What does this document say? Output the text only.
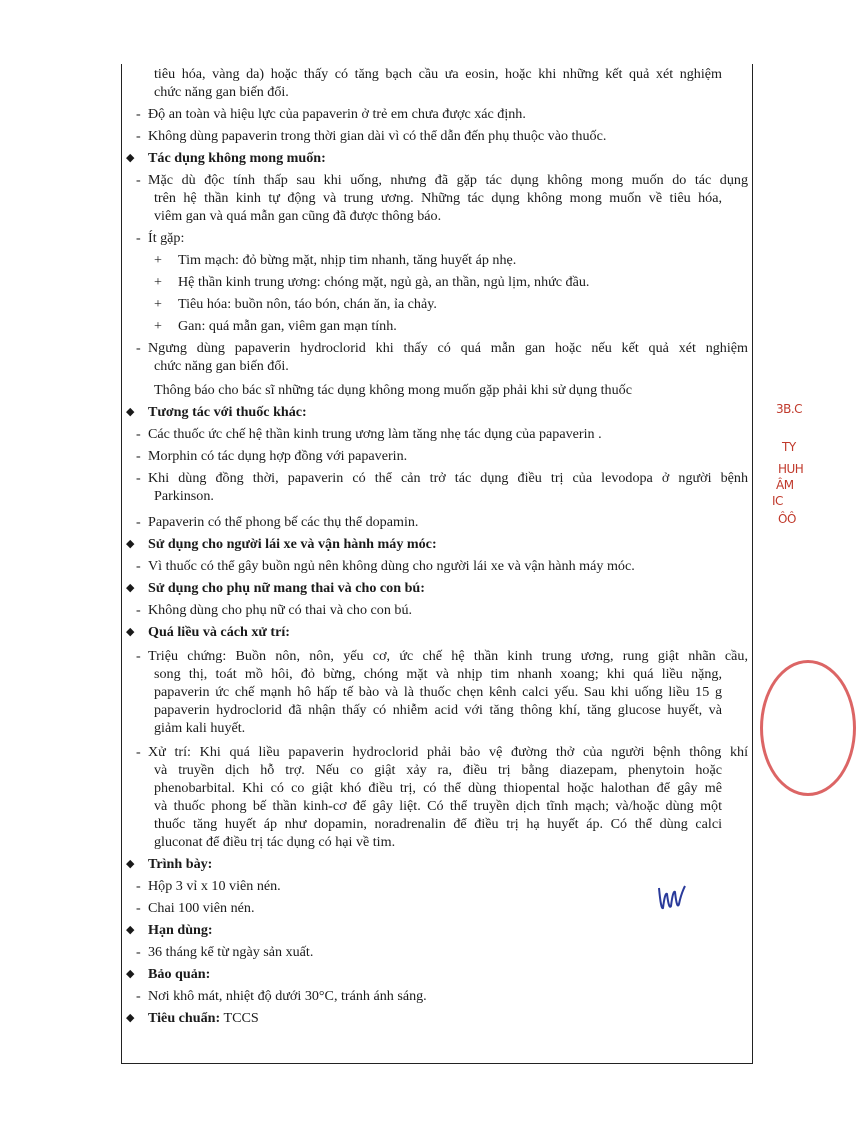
tiêu hóa, vàng da) hoặc thấy có tăng bạch cầu ưa eosin, hoặc khi những kết quả xét nghiệm
chức năng gan biến đổi.
- Độ an toàn và hiệu lực của papaverin ở trẻ em chưa được xác định.
- Không dùng papaverin trong thời gian dài vì có thể dẫn đến phụ thuộc vào thuốc.
◆ Tác dụng không mong muốn:
- Mặc dù độc tính thấp sau khi uống, nhưng đã gặp tác dụng không mong muốn do tác dụng
trên hệ thần kinh tự động và trung ương. Những tác dụng không mong muốn về tiêu hóa,
viêm gan và quá mẫn gan cũng đã được thông báo.
- Ít gặp:
+ Tim mạch: đỏ bừng mặt, nhịp tim nhanh, tăng huyết áp nhẹ.
+ Hệ thần kinh trung ương: chóng mặt, ngủ gà, an thần, ngủ lịm, nhức đầu.
+ Tiêu hóa: buồn nôn, táo bón, chán ăn, ỉa chảy.
+ Gan: quá mẫn gan, viêm gan mạn tính.
- Ngưng dùng papaverin hydroclorid khi thấy có quá mẫn gan hoặc nếu kết quả xét nghiệm
chức năng gan biến đổi.
Thông báo cho bác sĩ những tác dụng không mong muốn gặp phải khi sử dụng thuốc
◆ Tương tác với thuốc khác:
- Các thuốc ức chế hệ thần kinh trung ương làm tăng nhẹ tác dụng của papaverin .
- Morphin có tác dụng hợp đồng với papaverin.
- Khi dùng đồng thời, papaverin có thể cản trở tác dụng điều trị của levodopa ở người bệnh
Parkinson.
- Papaverin có thể phong bế các thụ thể dopamin.
◆ Sử dụng cho người lái xe và vận hành máy móc:
- Vì thuốc có thể gây buồn ngủ nên không dùng cho người lái xe và vận hành máy móc.
◆ Sử dụng cho phụ nữ mang thai và cho con bú:
- Không dùng cho phụ nữ có thai và cho con bú.
◆ Quá liều và cách xử trí:
- Triệu chứng: Buồn nôn, nôn, yếu cơ, ức chế hệ thần kinh trung ương, rung giật nhãn cầu,
song thị, toát mồ hôi, đỏ bừng, chóng mặt và nhịp tim nhanh xoang; khi quá liều nặng,
papaverin ức chế mạnh hô hấp tế bào và là thuốc chẹn kênh calci yếu. Sau khi uống liều 15 g
papaverin hydroclorid đã nhận thấy có nhiễm acid với tăng thông khí, tăng glucose huyết, và
giảm kali huyết.
- Xử trí: Khi quá liều papaverin hydroclorid phải bảo vệ đường thở của người bệnh thông khí
và truyền dịch hỗ trợ. Nếu co giật xảy ra, điều trị bằng diazepam, phenytoin hoặc
phenobarbital. Khi có co giật khó điều trị, có thể dùng thiopental hoặc halothan để gây mê
và thuốc phong bế thần kinh-cơ để gây liệt. Có thể truyền dịch tĩnh mạch; và/hoặc dùng một
thuốc tăng huyết áp như dopamin, noradrenalin để điều trị hạ huyết áp. Có thể dùng calci
gluconat để điều trị tác dụng có hại về tim.
◆ Trình bày:
- Hộp 3 vỉ x 10 viên nén.
- Chai 100 viên nén.
◆ Hạn dùng:
- 36 tháng kể từ ngày sản xuất.
◆ Bảo quản:
- Nơi khô mát, nhiệt độ dưới 30°C, tránh ánh sáng.
◆ Tiêu chuẩn: TCCS
3B.C
TY
HUH
ÂM
IC
ÔÔ
